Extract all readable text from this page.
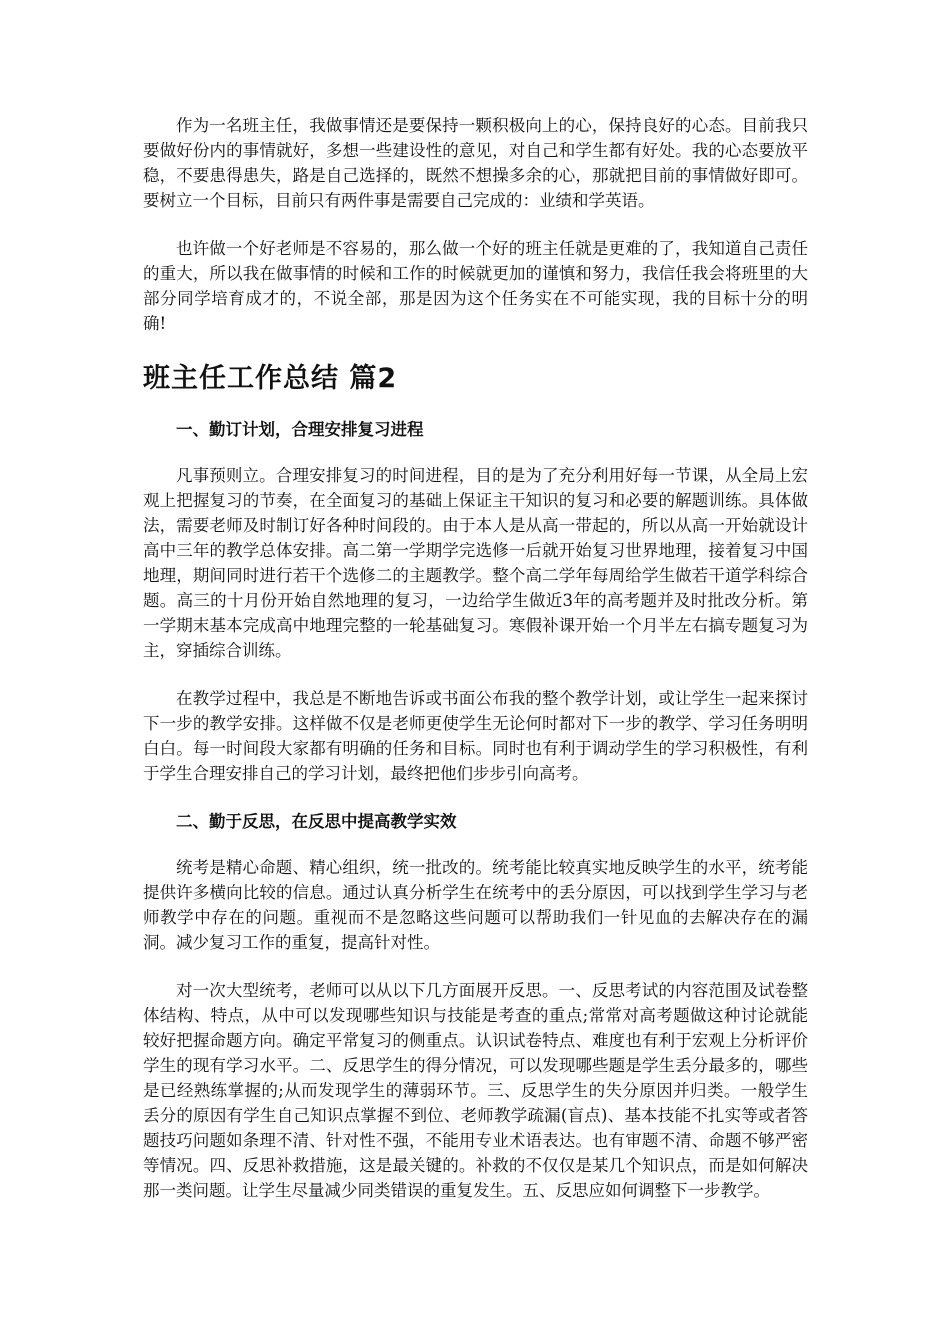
作为一名班主任，我做事情还是要保持一颗积极向上的心，保持良好的心态。目前我只要做好份内的事情就好，多想一些建设性的意见，对自己和学生都有好处。我的心态要放平稳，不要患得患失，路是自己选择的，既然不想操多余的心，那就把目前的事情做好即可。要树立一个目标，目前只有两件事是需要自己完成的：业绩和学英语。

也许做一个好老师是不容易的，那么做一个好的班主任就是更难的了，我知道自己责任的重大，所以我在做事情的时候和工作的时候就更加的谨慎和努力，我信任我会将班里的大部分同学培育成才的，不说全部，那是因为这个任务实在不可能实现，我的目标十分的明确!

班主任工作总结 篇2

一、勤订计划，合理安排复习进程

凡事预则立。合理安排复习的时间进程，目的是为了充分利用好每一节课，从全局上宏观上把握复习的节奏，在全面复习的基础上保证主干知识的复习和必要的解题训练。具体做法，需要老师及时制订好各种时间段的。由于本人是从高一带起的，所以从高一开始就设计高中三年的教学总体安排。高二第一学期学完选修一后就开始复习世界地理，接着复习中国地理，期间同时进行若干个选修二的主题教学。整个高二学年每周给学生做若干道学科综合题。高三的十月份开始自然地理的复习，一边给学生做近3年的高考题并及时批改分析。第一学期末基本完成高中地理完整的一轮基础复习。寒假补课开始一个月半左右搞专题复习为主，穿插综合训练。

在教学过程中，我总是不断地告诉或书面公布我的整个教学计划，或让学生一起来探讨下一步的教学安排。这样做不仅是老师更使学生无论何时都对下一步的教学、学习任务明明白白。每一时间段大家都有明确的任务和目标。同时也有利于调动学生的学习积极性，有利于学生合理安排自己的学习计划，最终把他们步步引向高考。

二、勤于反思，在反思中提高教学实效

统考是精心命题、精心组织，统一批改的。统考能比较真实地反映学生的水平，统考能提供许多横向比较的信息。通过认真分析学生在统考中的丢分原因，可以找到学生学习与老师教学中存在的问题。重视而不是忽略这些问题可以帮助我们一针见血的去解决存在的漏洞。减少复习工作的重复，提高针对性。

对一次大型统考，老师可以从以下几方面展开反思。一、反思考试的内容范围及试卷整体结构、特点，从中可以发现哪些知识与技能是考查的重点;常常对高考题做这种讨论就能较好把握命题方向。确定平常复习的侧重点。认识试卷特点、难度也有利于宏观上分析评价学生的现有学习水平。二、反思学生的得分情况，可以发现哪些题是学生丢分最多的，哪些是已经熟练掌握的;从而发现学生的薄弱环节。三、反思学生的失分原因并归类。一般学生丢分的原因有学生自己知识点掌握不到位、老师教学疏漏(盲点)、基本技能不扎实等或者答题技巧问题如条理不清、针对性不强，不能用专业术语表达。也有审题不清、命题不够严密等情况。四、反思补救措施，这是最关键的。补救的不仅仅是某几个知识点，而是如何解决那一类问题。让学生尽量减少同类错误的重复发生。五、反思应如何调整下一步教学。
